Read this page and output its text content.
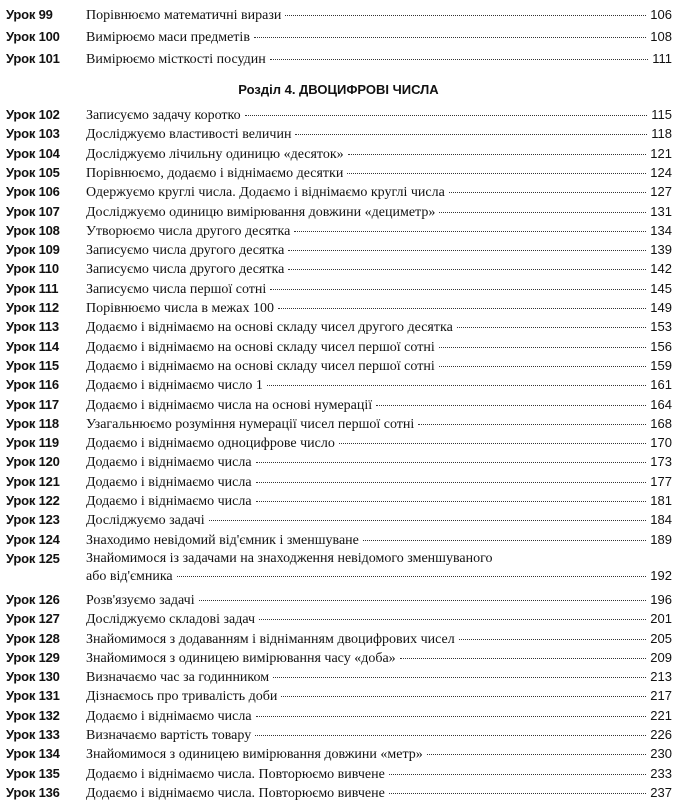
Урок 99	Порівнюємо математичні вирази	106
Урок 100	Вимірюємо маси предметів	108
Урок 101	Вимірюємо місткості посудин	111
Розділ 4. ДВОЦИФРОВІ ЧИСЛА
Урок 102	Записуємо задачу коротко	115
Урок 103	Досліджуємо властивості величин	118
Урок 104	Досліджуємо лічильну одиницю «десяток»	121
Урок 105	Порівнюємо, додаємо і віднімаємо десятки	124
Урок 106	Одержуємо круглі числа. Додаємо і віднімаємо круглі числа	127
Урок 107	Досліджуємо одиницю вимірювання довжини «дециметр»	131
Урок 108	Утворюємо числа другого десятка	134
Урок 109	Записуємо числа другого десятка	139
Урок 110	Записуємо числа другого десятка	142
Урок 111	Записуємо числа першої сотні	145
Урок 112	Порівнюємо числа в межах 100	149
Урок 113	Додаємо і віднімаємо на основі складу чисел другого десятка	153
Урок 114	Додаємо і віднімаємо на основі складу чисел першої сотні	156
Урок 115	Додаємо і віднімаємо на основі складу чисел першої сотні	159
Урок 116	Додаємо і віднімаємо число 1	161
Урок 117	Додаємо і віднімаємо числа на основі нумерації	164
Урок 118	Узагальнюємо розуміння нумерації чисел першої сотні	168
Урок 119	Додаємо і віднімаємо одноцифрове число	170
Урок 120	Додаємо і віднімаємо числа	173
Урок 121	Додаємо і віднімаємо числа	177
Урок 122	Додаємо і віднімаємо числа	181
Урок 123	Досліджуємо задачі	184
Урок 124	Знаходимо невідомий від'ємник і зменшуване	189
Урок 125	Знайомимося із задачами на знаходження невідомого зменшуваного
або від'ємника	192
Урок 126	Розв'язуємо задачі	196
Урок 127	Досліджуємо складові задач	201
Урок 128	Знайомимося з додаванням і відніманням двоцифрових чисел	205
Урок 129	Знайомимося з одиницею вимірювання часу «доба»	209
Урок 130	Визначаємо час за годинником	213
Урок 131	Дізнаємось про тривалість доби	217
Урок 132	Додаємо і віднімаємо числа	221
Урок 133	Визначаємо вартість товару	226
Урок 134	Знайомимося з одиницею вимірювання довжини «метр»	230
Урок 135	Додаємо і віднімаємо числа. Повторюємо вивчене	233
Урок 136	Додаємо і віднімаємо числа. Повторюємо вивчене	237
